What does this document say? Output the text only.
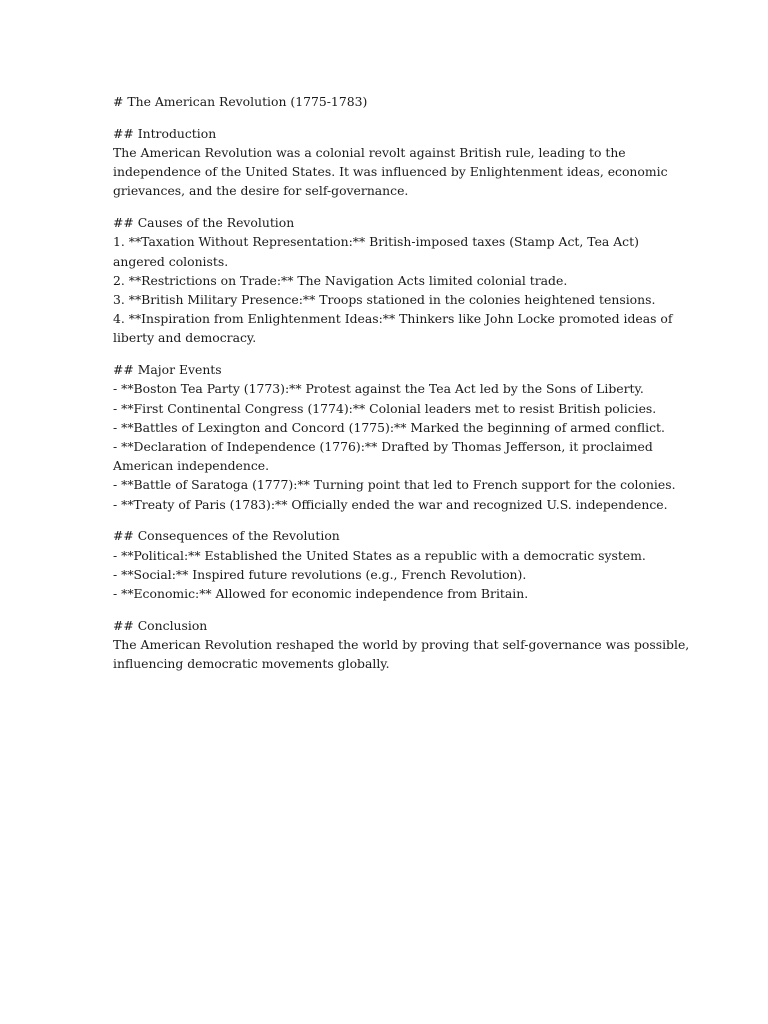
# The American Revolution (1775-1783)

## Introduction

The American Revolution was a colonial revolt against British rule, leading to the

independence of the United States. It was influenced by Enlightenment ideas, economic

grievances, and the desire for self-governance.

## Causes of the Revolution

1. **Taxation Without Representation:** British-imposed taxes (Stamp Act, Tea Act)

angered colonists.

2. **Restrictions on Trade:** The Navigation Acts limited colonial trade.

3. **British Military Presence:** Troops stationed in the colonies heightened tensions.

4. **Inspiration from Enlightenment Ideas:** Thinkers like John Locke promoted ideas of

liberty and democracy.

## Major Events

- **Boston Tea Party (1773):** Protest against the Tea Act led by the Sons of Liberty.

- **First Continental Congress (1774):** Colonial leaders met to resist British policies.

- **Battles of Lexington and Concord (1775):** Marked the beginning of armed conflict.

- **Declaration of Independence (1776):** Drafted by Thomas Jefferson, it proclaimed

American independence.

- **Battle of Saratoga (1777):** Turning point that led to French support for the colonies.

- **Treaty of Paris (1783):** Officially ended the war and recognized U.S. independence.

## Consequences of the Revolution

- **Political:** Established the United States as a republic with a democratic system.

- **Social:** Inspired future revolutions (e.g., French Revolution).

- **Economic:** Allowed for economic independence from Britain.

## Conclusion

The American Revolution reshaped the world by proving that self-governance was possible,

influencing democratic movements globally.
